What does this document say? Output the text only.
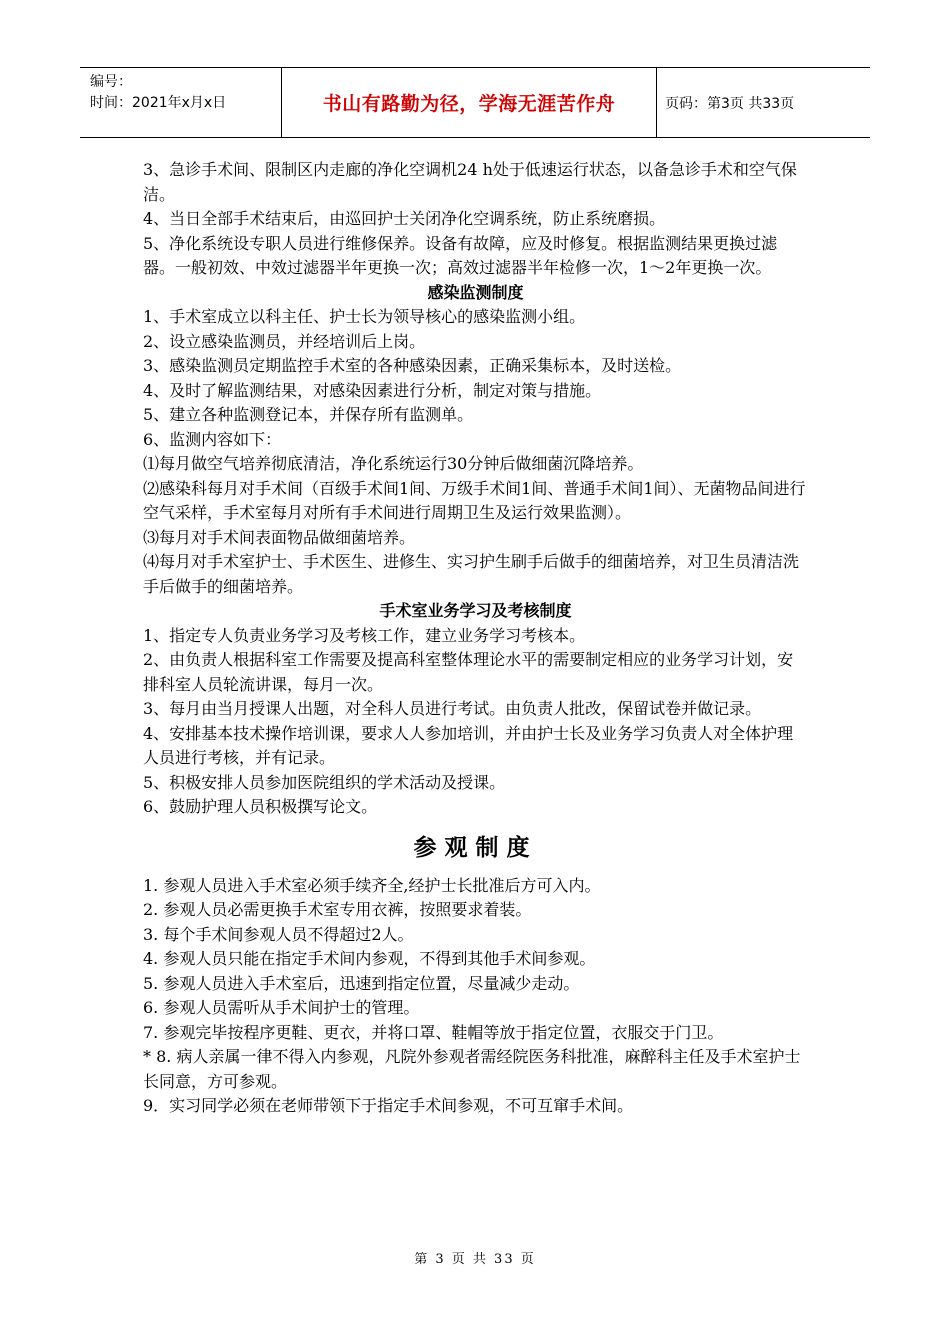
编号：
时间：2021年x月x日	书山有路勤为径，学海无涯苦作舟	页码：第3页 共33页

3、急诊手术间、限制区内走廊的净化空调机24 h处于低速运行状态，以备急诊手术和空气保洁。

4、当日全部手术结束后，由巡回护士关闭净化空调系统，防止系统磨损。

5、净化系统设专职人员进行维修保养。设备有故障，应及时修复。根据监测结果更换过滤器。一般初效、中效过滤器半年更换一次；高效过滤器半年检修一次，1～2年更换一次。

感染监测制度

1、手术室成立以科主任、护士长为领导核心的感染监测小组。

2、设立感染监测员，并经培训后上岗。

3、感染监测员定期监控手术室的各种感染因素，正确采集标本，及时送检。

4、及时了解监测结果，对感染因素进行分析，制定对策与措施。

5、建立各种监测登记本，并保存所有监测单。

6、监测内容如下：

⑴每月做空气培养彻底清洁，净化系统运行30分钟后做细菌沉降培养。

⑵感染科每月对手术间（百级手术间1间、万级手术间1间、普通手术间1间）、无菌物品间进行空气采样，手术室每月对所有手术间进行周期卫生及运行效果监测）。

⑶每月对手术间表面物品做细菌培养。

⑷每月对手术室护士、手术医生、进修生、实习护生刷手后做手的细菌培养，对卫生员清洁洗手后做手的细菌培养。

手术室业务学习及考核制度

1、指定专人负责业务学习及考核工作，建立业务学习考核本。

2、由负责人根据科室工作需要及提高科室整体理论水平的需要制定相应的业务学习计划，安排科室人员轮流讲课，每月一次。

3、每月由当月授课人出题，对全科人员进行考试。由负责人批改，保留试卷并做记录。

4、安排基本技术操作培训课，要求人人参加培训，并由护士长及业务学习负责人对全体护理人员进行考核，并有记录。

5、积极安排人员参加医院组织的学术活动及授课。

6、鼓励护理人员积极撰写论文。

参观制度

1. 参观人员进入手术室必须手续齐全,经护士长批准后方可入内。

2. 参观人员必需更换手术室专用衣裤，按照要求着装。

3. 每个手术间参观人员不得超过2人。

4. 参观人员只能在指定手术间内参观，不得到其他手术间参观。

5. 参观人员进入手术室后，迅速到指定位置，尽量减少走动。

6. 参观人员需听从手术间护士的管理。

7. 参观完毕按程序更鞋、更衣，并将口罩、鞋帽等放于指定位置，衣服交于门卫。

* 8. 病人亲属一律不得入内参观，凡院外参观者需经院医务科批准，麻醉科主任及手术室护士长同意，方可参观。

9．实习同学必须在老师带领下于指定手术间参观，不可互窜手术间。

第 3 页 共 33 页
